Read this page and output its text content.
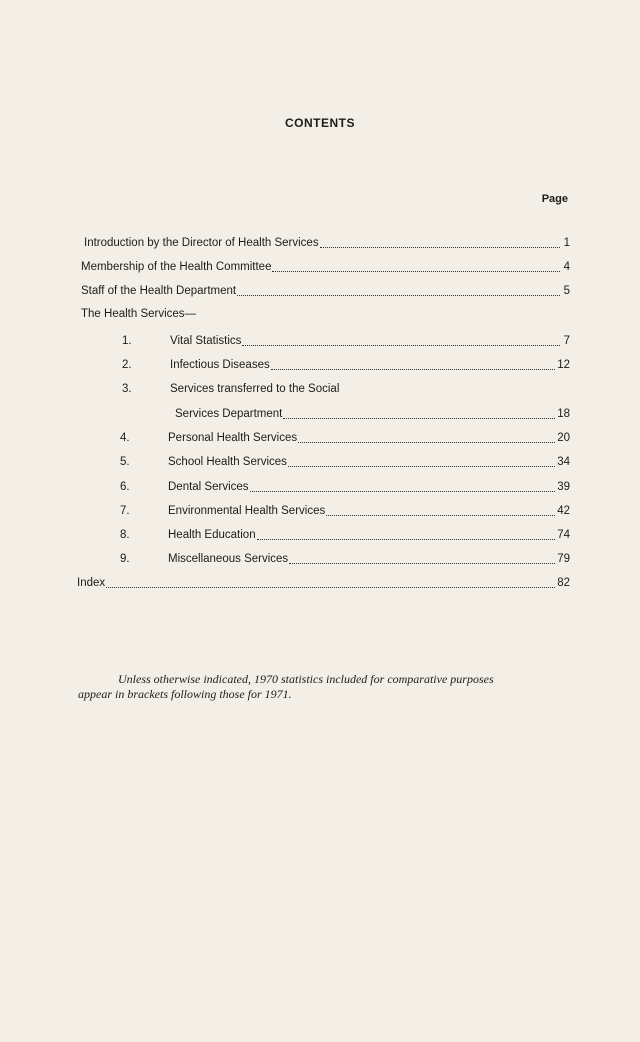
CONTENTS
Page
Introduction by the Director of Health Services	1
Membership of the Health Committee	4
Staff of the Health Department	5
The Health Services—
1.	Vital Statistics	7
2.	Infectious Diseases	12
3.	Services transferred to the Social
Services Department	18
4.	Personal Health Services	20
5.	School Health Services	34
6.	Dental Services	39
7.	Environmental Health Services	42
8.	Health Education	74
9.	Miscellaneous Services	79
Index	82
Unless otherwise indicated, 1970 statistics included for comparative purposes
appear in brackets following those for 1971.
